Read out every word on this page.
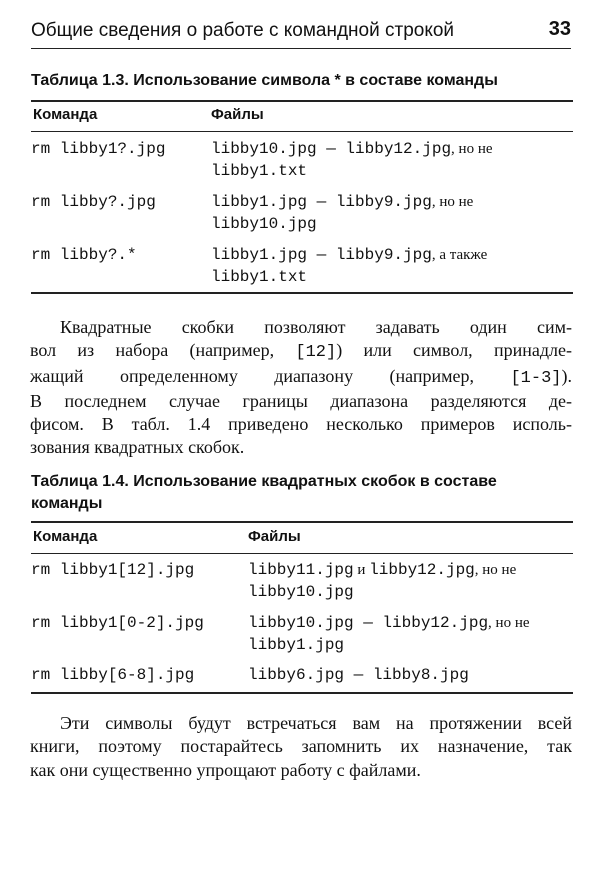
Общие сведения о работе с командной строкой	33
Таблица 1.3. Использование символа * в составе команды
Команда	Файлы
rm libby1?.jpg	libby10.jpg — libby12.jpg, но не
libby1.txt
rm libby?.jpg	libby1.jpg — libby9.jpg, но не
libby10.jpg
rm libby?.*	libby1.jpg — libby9.jpg, а также
libby1.txt
Квадратные скобки позволяют задавать один сим-
вол из набора (например, [12]) или символ, принадле-
жащий определенному диапазону (например, [1-3]).
В последнем случае границы диапазона разделяются де-
фисом. В табл. 1.4 приведено несколько примеров исполь-
зования квадратных скобок.
Таблица 1.4. Использование квадратных скобок в составе
команды
Команда	Файлы
rm libby1[12].jpg	libby11.jpg и libby12.jpg, но не
libby10.jpg
rm libby1[0-2].jpg	libby10.jpg — libby12.jpg, но не
libby1.jpg
rm libby[6-8].jpg	libby6.jpg — libby8.jpg
Эти символы будут встречаться вам на протяжении всей
книги, поэтому постарайтесь запомнить их назначение, так
как они существенно упрощают работу с файлами.
